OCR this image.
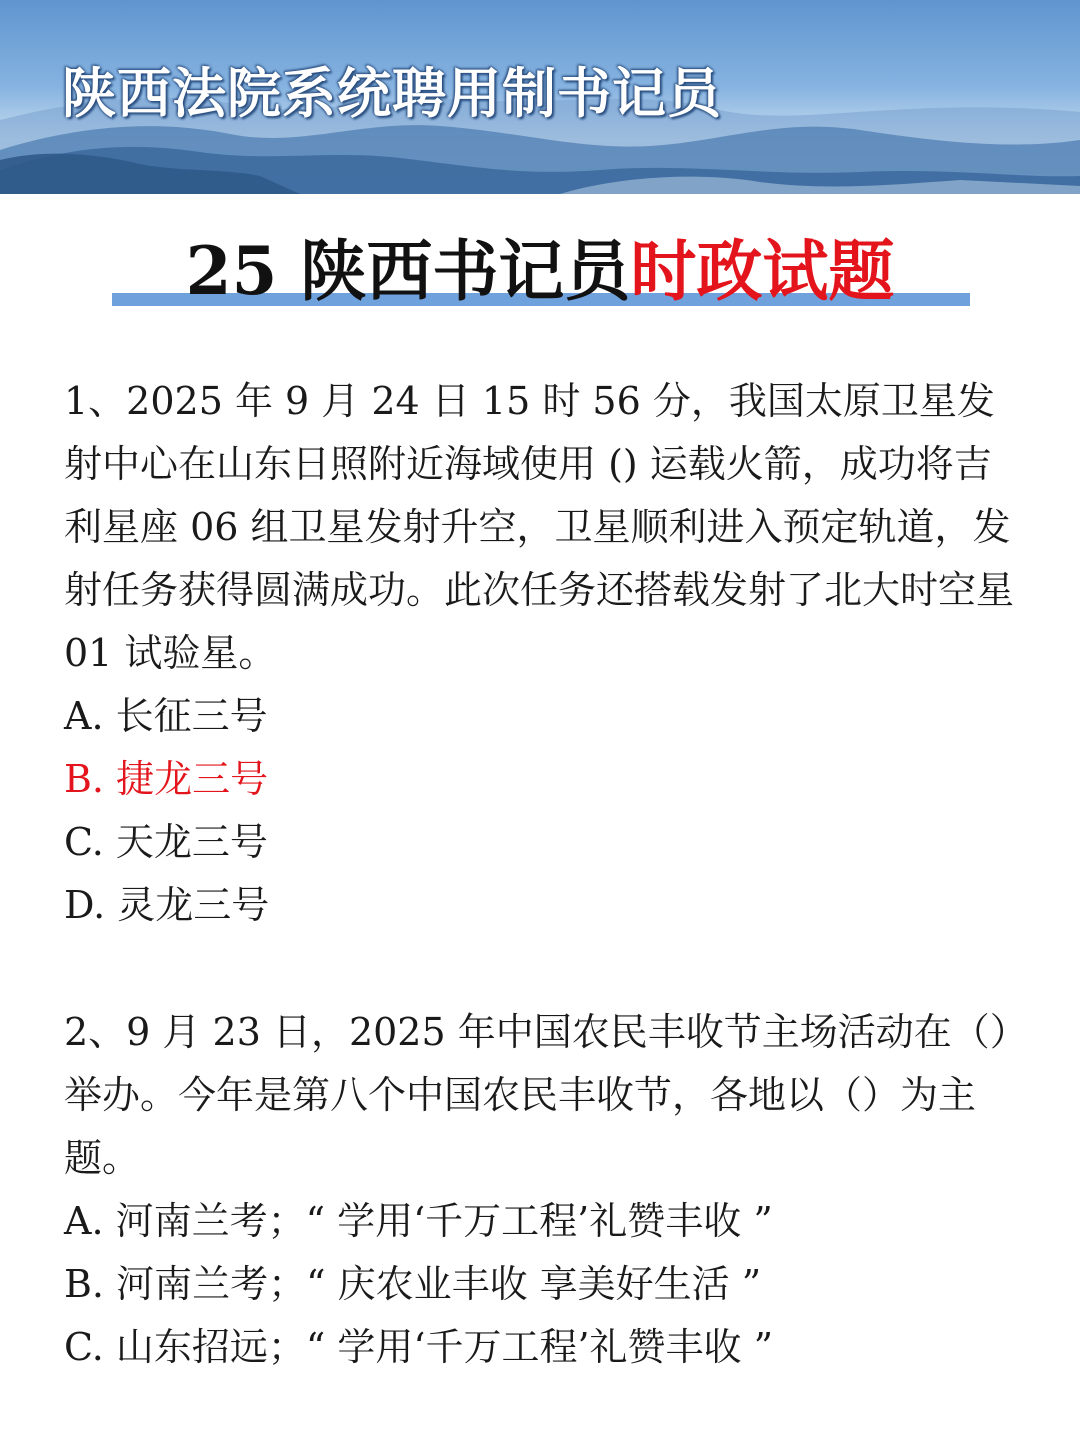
陕西法院系统聘用制书记员
25 陕西书记员时政试题

1、2025 年 9 月 24 日 15 时 56 分，我国太原卫星发射中心在山东日照附近海域使用 () 运载火箭，成功将吉利星座 06 组卫星发射升空，卫星顺利进入预定轨道，发射任务获得圆满成功。此次任务还搭载发射了北大时空星 01 试验星。

A. 长征三号

B. 捷龙三号

C. 天龙三号

D. 灵龙三号

2、9 月 23 日，2025 年中国农民丰收节主场活动在（）举办。今年是第八个中国农民丰收节，各地以（）为主题。

A. 河南兰考；“ 学用‘千万工程’礼赞丰收 ”

B. 河南兰考；“ 庆农业丰收 享美好生活 ”

C. 山东招远；“ 学用‘千万工程’礼赞丰收 ”
